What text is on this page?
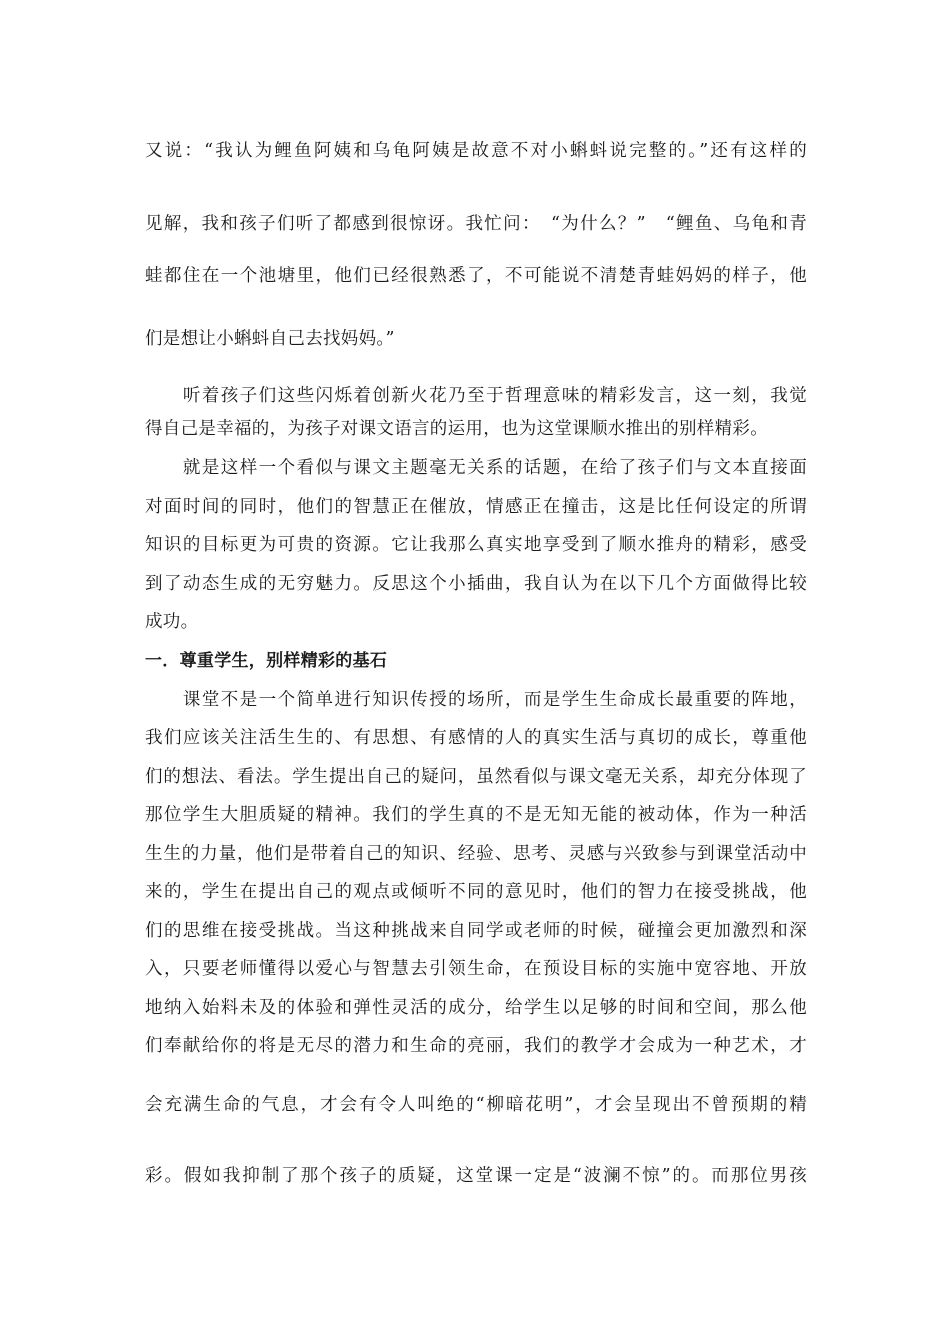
又说：“我认为鲤鱼阿姨和乌龟阿姨是故意不对小蝌蚪说完整的。”还有这样的
见解，我和孩子们听了都感到很惊讶。我忙问：　“为什么？”　“鲤鱼、乌龟和青
蛙都住在一个池塘里，他们已经很熟悉了，不可能说不清楚青蛙妈妈的样子，他
们是想让小蝌蚪自己去找妈妈。”
　　听着孩子们这些闪烁着创新火花乃至于哲理意味的精彩发言，这一刻，我觉
得自己是幸福的，为孩子对课文语言的运用，也为这堂课顺水推出的别样精彩。
　　就是这样一个看似与课文主题毫无关系的话题，在给了孩子们与文本直接面
对面时间的同时，他们的智慧正在催放，情感正在撞击，这是比任何设定的所谓
知识的目标更为可贵的资源。它让我那么真实地享受到了顺水推舟的精彩，感受
到了动态生成的无穷魅力。反思这个小插曲，我自认为在以下几个方面做得比较
成功。
一．尊重学生，别样精彩的基石
　　课堂不是一个简单进行知识传授的场所，而是学生生命成长最重要的阵地，
我们应该关注活生生的、有思想、有感情的人的真实生活与真切的成长，尊重他
们的想法、看法。学生提出自己的疑问，虽然看似与课文毫无关系，却充分体现了
那位学生大胆质疑的精神。我们的学生真的不是无知无能的被动体，作为一种活
生生的力量，他们是带着自己的知识、经验、思考、灵感与兴致参与到课堂活动中
来的，学生在提出自己的观点或倾听不同的意见时，他们的智力在接受挑战，他
们的思维在接受挑战。当这种挑战来自同学或老师的时候，碰撞会更加激烈和深
入，只要老师懂得以爱心与智慧去引领生命，在预设目标的实施中宽容地、开放
地纳入始料未及的体验和弹性灵活的成分，给学生以足够的时间和空间，那么他
们奉献给你的将是无尽的潜力和生命的亮丽，我们的教学才会成为一种艺术，才
会充满生命的气息，才会有令人叫绝的“柳暗花明”，才会呈现出不曾预期的精
彩。假如我抑制了那个孩子的质疑，这堂课一定是“波澜不惊”的。而那位男孩
